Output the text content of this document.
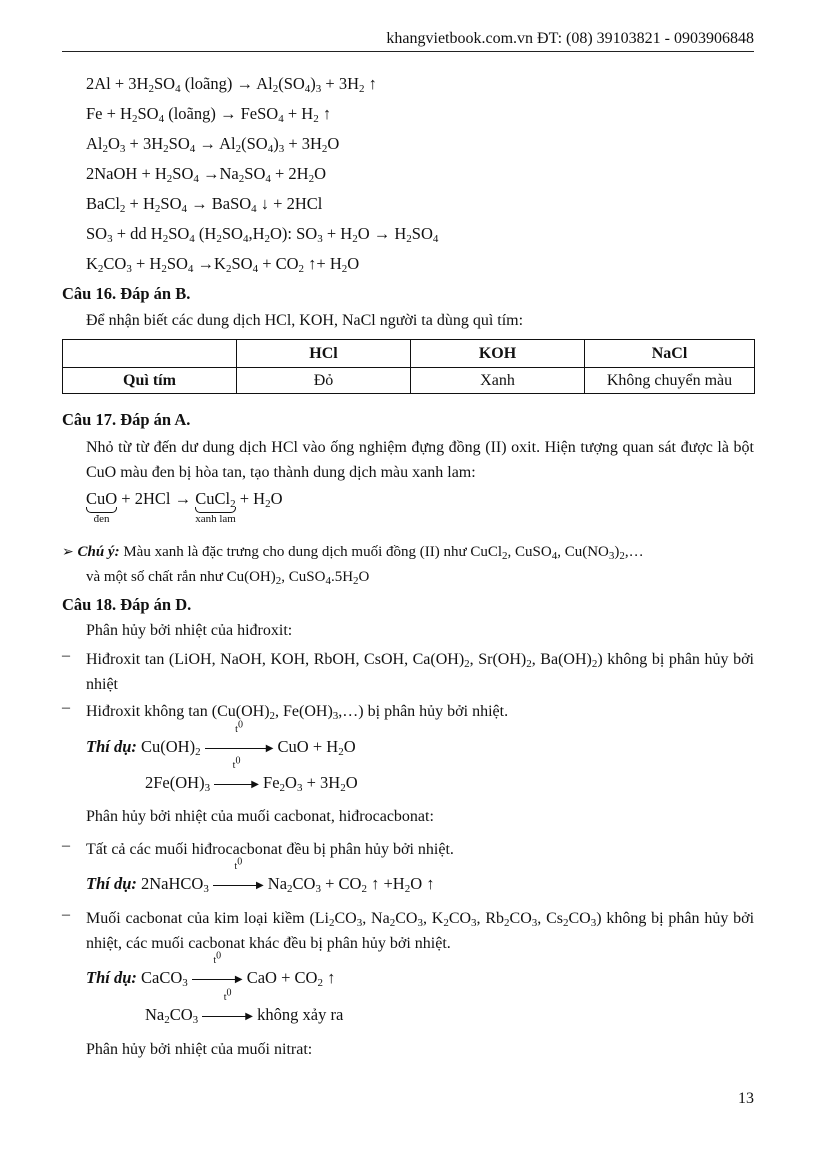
khangvietbook.com.vn ĐT: (08) 39103821 - 0903906848
$2Al + 3H_2SO_4$ (loãng) → $Al_2(SO_4)_3 + 3H_2$ ↑
$Fe + H_2SO_4$ (loãng) → FeSO$_4$ + $H_2$ ↑
$Al_2O_3 + 3H_2SO_4 \to Al_2(SO_4)_3 + 3H_2O$
2NaOH + $H_2SO_4 \to Na_2SO_4 + 2H_2O$
BaCl$_2$ + $H_2SO_4$ → BaSO$_4$ ↓ + 2HCl
$SO_3$ + dd $H_2SO_4$ $(H_2SO_4,H_2O)$: $SO_3 + H_2O \to H_2SO_4$
$K_2CO_3 + H_2SO_4 \to K_2SO_4 + CO_2$ ↑+ $H_2O$
Câu 16. Đáp án B.
Để nhận biết các dung dịch HCl, KOH, NaCl người ta dùng quì tím:
	HCl	KOH	NaCl
Quì tím	Đỏ	Xanh	Không chuyển màu
Câu 17. Đáp án A.
Nhỏ từ từ đến dư dung dịch HCl vào ống nghiệm đựng đồng (II) oxit. Hiện tượng quan sát được là bột CuO màu đen bị hòa tan, tạo thành dung dịch màu xanh lam:
CuO
đen
+ 2HCl → CuCl$_2$
xanh lam
+ $H_2O$
➢ Chú ý: Màu xanh là đặc trưng cho dung dịch muối đồng (II) như CuCl$_2$, CuSO$_4$, $Cu(NO_3)_2,\dots$
và một số chất rắn như $Cu(OH)_2$, $CuSO_4.5H_2O$
Câu 18. Đáp án D.
Phân hủy bởi nhiệt của hiđroxit:
– Hiđroxit tan (LiOH, NaOH, KOH, RbOH, CsOH, $Ca(OH)_2$, $Sr(OH)_2$, $Ba(OH)_2$) không bị phân hủy bởi nhiệt
– Hiđroxit không $\tan (Cu(OH)_2$, $Fe(OH)_3,\dots$) bị phân hủy bởi nhiệt.
Thí dụ: $Cu(OH)_2$
$t^0$
▶ CuO + $H_2O$
$2Fe(OH)_3$
$t^0$
▶ $Fe_2O_3 + 3H_2O$
Phân hủy bởi nhiệt của muối cacbonat, hiđrocacbonat:
– Tất cả các muối hiđrocacbonat đều bị phân hủy bởi nhiệt.
Thí dụ: 2NaHCO$_3$
$t^0$
▶ $Na_2CO_3 + CO_2$ ↑ $+H_2O$ ↑
– Muối cacbonat của kim loại kiềm ($Li_2CO_3$, $Na_2CO_3$, $K_2CO_3$, $Rb_2CO_3$, $Cs_2CO_3$) không bị phân hủy bởi nhiệt, các muối cacbonat khác đều bị phân hủy bởi nhiệt.
Thí dụ: CaCO$_3$
$t^0$
▶ CaO + $CO_2$ ↑
$Na_2CO_3$
$t^0$
▶ không xảy ra
Phân hủy bởi nhiệt của muối nitrat:
13
